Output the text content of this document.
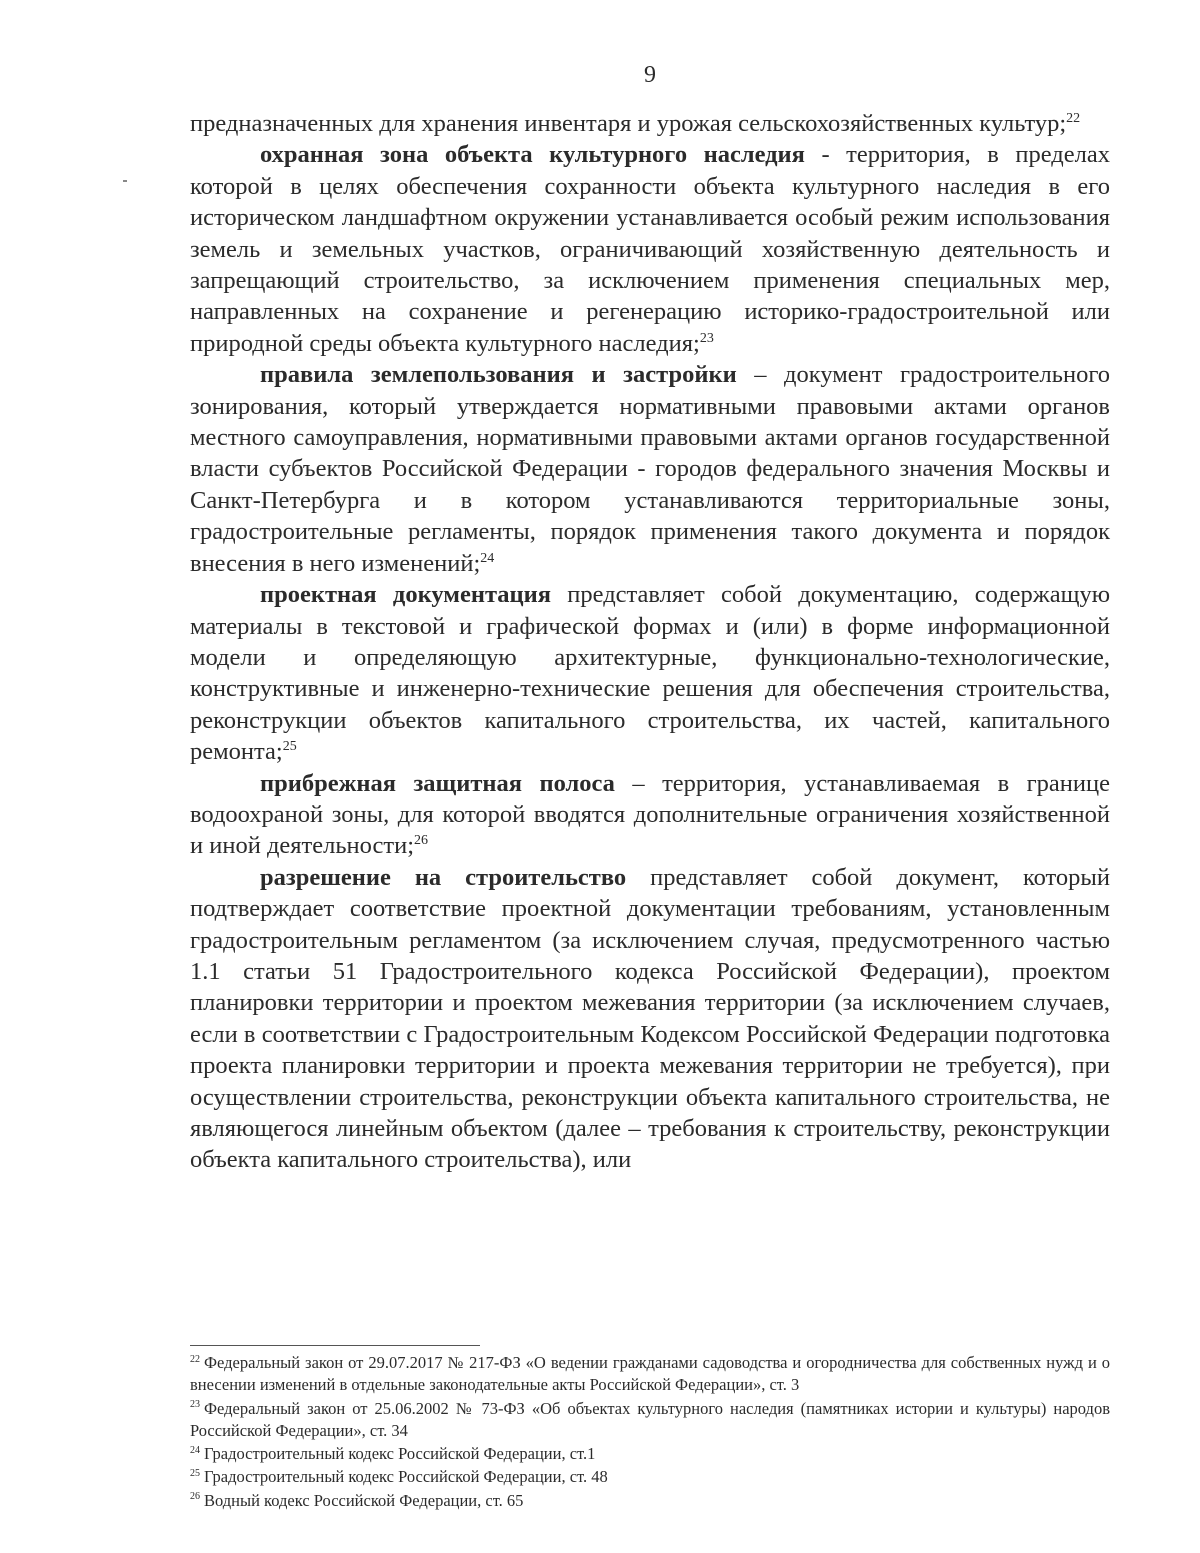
9

предназначенных для хранения инвентаря и урожая сельскохозяйственных культур;$^{22}$

охранная зона объекта культурного наследия - территория, в пределах которой в целях обеспечения сохранности объекта культурного наследия в его историческом ландшафтном окружении устанавливается особый режим использования земель и земельных участков, ограничивающий хозяйственную деятельность и запрещающий строительство, за исключением применения специальных мер, направленных на сохранение и регенерацию историко-градостроительной или природной среды объекта культурного наследия;$^{23}$

правила землепользования и застройки – документ градостроительного зонирования, который утверждается нормативными правовыми актами органов местного самоуправления, нормативными правовыми актами органов государственной власти субъектов Российской Федерации - городов федерального значения Москвы и Санкт-Петербурга и в котором устанавливаются территориальные зоны, градостроительные регламенты, порядок применения такого документа и порядок внесения в него изменений;$^{24}$

проектная документация представляет собой документацию, содержащую материалы в текстовой и графической формах и (или) в форме информационной модели и определяющую архитектурные, функционально-технологические, конструктивные и инженерно-технические решения для обеспечения строительства, реконструкции объектов капитального строительства, их частей, капитального ремонта;$^{25}$

прибрежная защитная полоса – территория, устанавливаемая в границе водоохраной зоны, для которой вводятся дополнительные ограничения хозяйственной и иной деятельности;$^{26}$

разрешение на строительство представляет собой документ, который подтверждает соответствие проектной документации требованиям, установленным градостроительным регламентом (за исключением случая, предусмотренного частью 1.1 статьи 51 Градостроительного кодекса Российской Федерации), проектом планировки территории и проектом межевания территории (за исключением случаев, если в соответствии с Градостроительным Кодексом Российской Федерации подготовка проекта планировки территории и проекта межевания территории не требуется), при осуществлении строительства, реконструкции объекта капитального строительства, не являющегося линейным объектом (далее – требования к строительству, реконструкции объекта капитального строительства), или

$^{22}$ Федеральный закон от 29.07.2017 № 217-ФЗ «О ведении гражданами садоводства и огородничества для собственных нужд и о внесении изменений в отдельные законодательные акты Российской Федерации», ст. 3

$^{23}$ Федеральный закон от 25.06.2002 № 73-ФЗ «Об объектах культурного наследия (памятниках истории и культуры) народов Российской Федерации», ст. 34

$^{24}$ Градостроительный кодекс Российской Федерации, ст.1

$^{25}$ Градостроительный кодекс Российской Федерации, ст. 48

$^{26}$ Водный кодекс Российской Федерации, ст. 65
